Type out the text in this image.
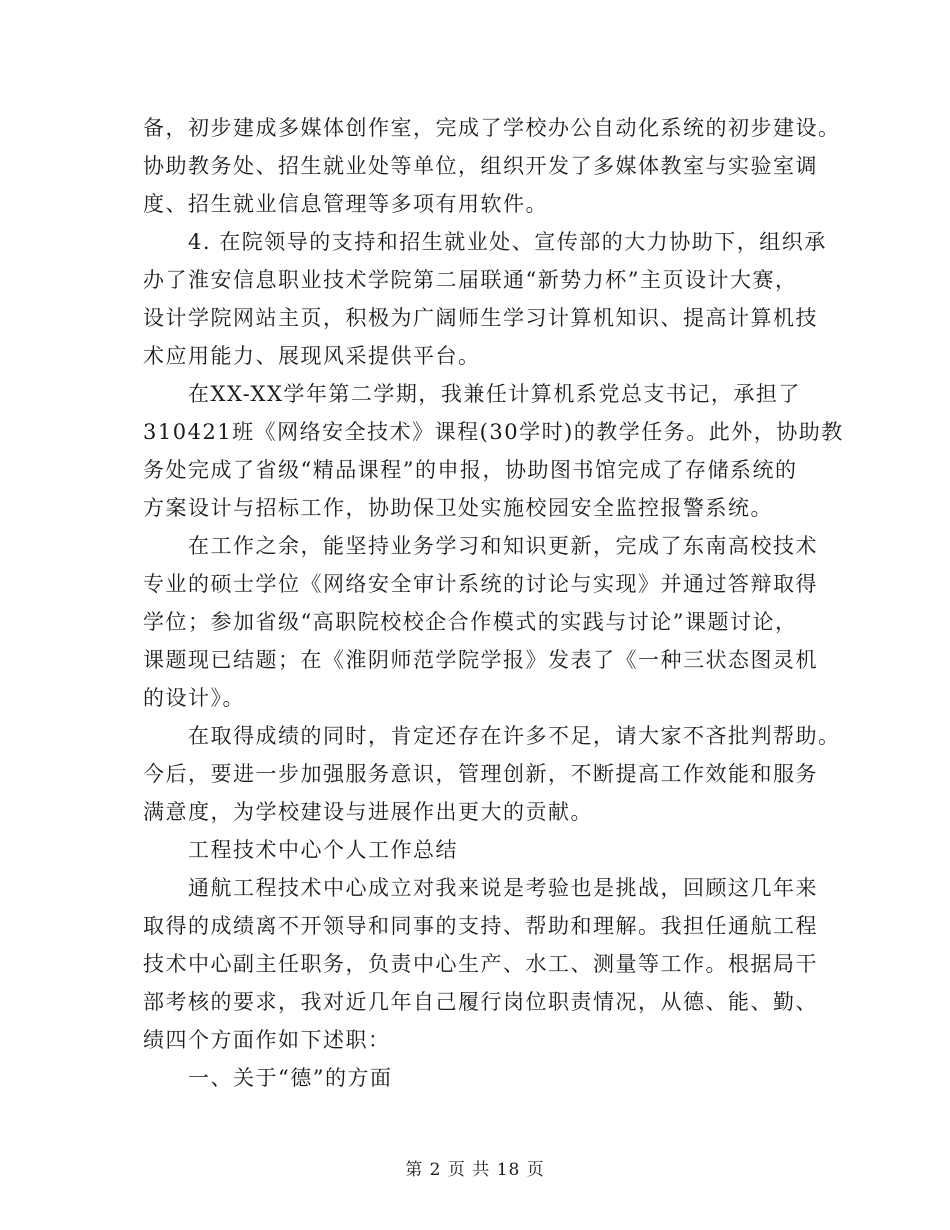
备，初步建成多媒体创作室，完成了学校办公自动化系统的初步建设。
协助教务处、招生就业处等单位，组织开发了多媒体教室与实验室调
度、招生就业信息管理等多项有用软件。
4. 在院领导的支持和招生就业处、宣传部的大力协助下，组织承
办了淮安信息职业技术学院第二届联通“新势力杯”主页设计大赛，
设计学院网站主页，积极为广阔师生学习计算机知识、提高计算机技
术应用能力、展现风采提供平台。
在XX-XX学年第二学期，我兼任计算机系党总支书记，承担了
310421班《网络安全技术》课程(30学时)的教学任务。此外，协助教
务处完成了省级“精品课程”的申报，协助图书馆完成了存储系统的
方案设计与招标工作，协助保卫处实施校园安全监控报警系统。
在工作之余，能坚持业务学习和知识更新，完成了东南高校技术
专业的硕士学位《网络安全审计系统的讨论与实现》并通过答辩取得
学位；参加省级“高职院校校企合作模式的实践与讨论”课题讨论，
课题现已结题；在《淮阴师范学院学报》发表了《一种三状态图灵机
的设计》。
在取得成绩的同时，肯定还存在许多不足，请大家不吝批判帮助。
今后，要进一步加强服务意识，管理创新，不断提高工作效能和服务
满意度，为学校建设与进展作出更大的贡献。
工程技术中心个人工作总结
通航工程技术中心成立对我来说是考验也是挑战，回顾这几年来
取得的成绩离不开领导和同事的支持、帮助和理解。我担任通航工程
技术中心副主任职务，负责中心生产、水工、测量等工作。根据局干
部考核的要求，我对近几年自己履行岗位职责情况，从德、能、勤、
绩四个方面作如下述职：
一、关于“德”的方面
第 2 页 共 18 页
